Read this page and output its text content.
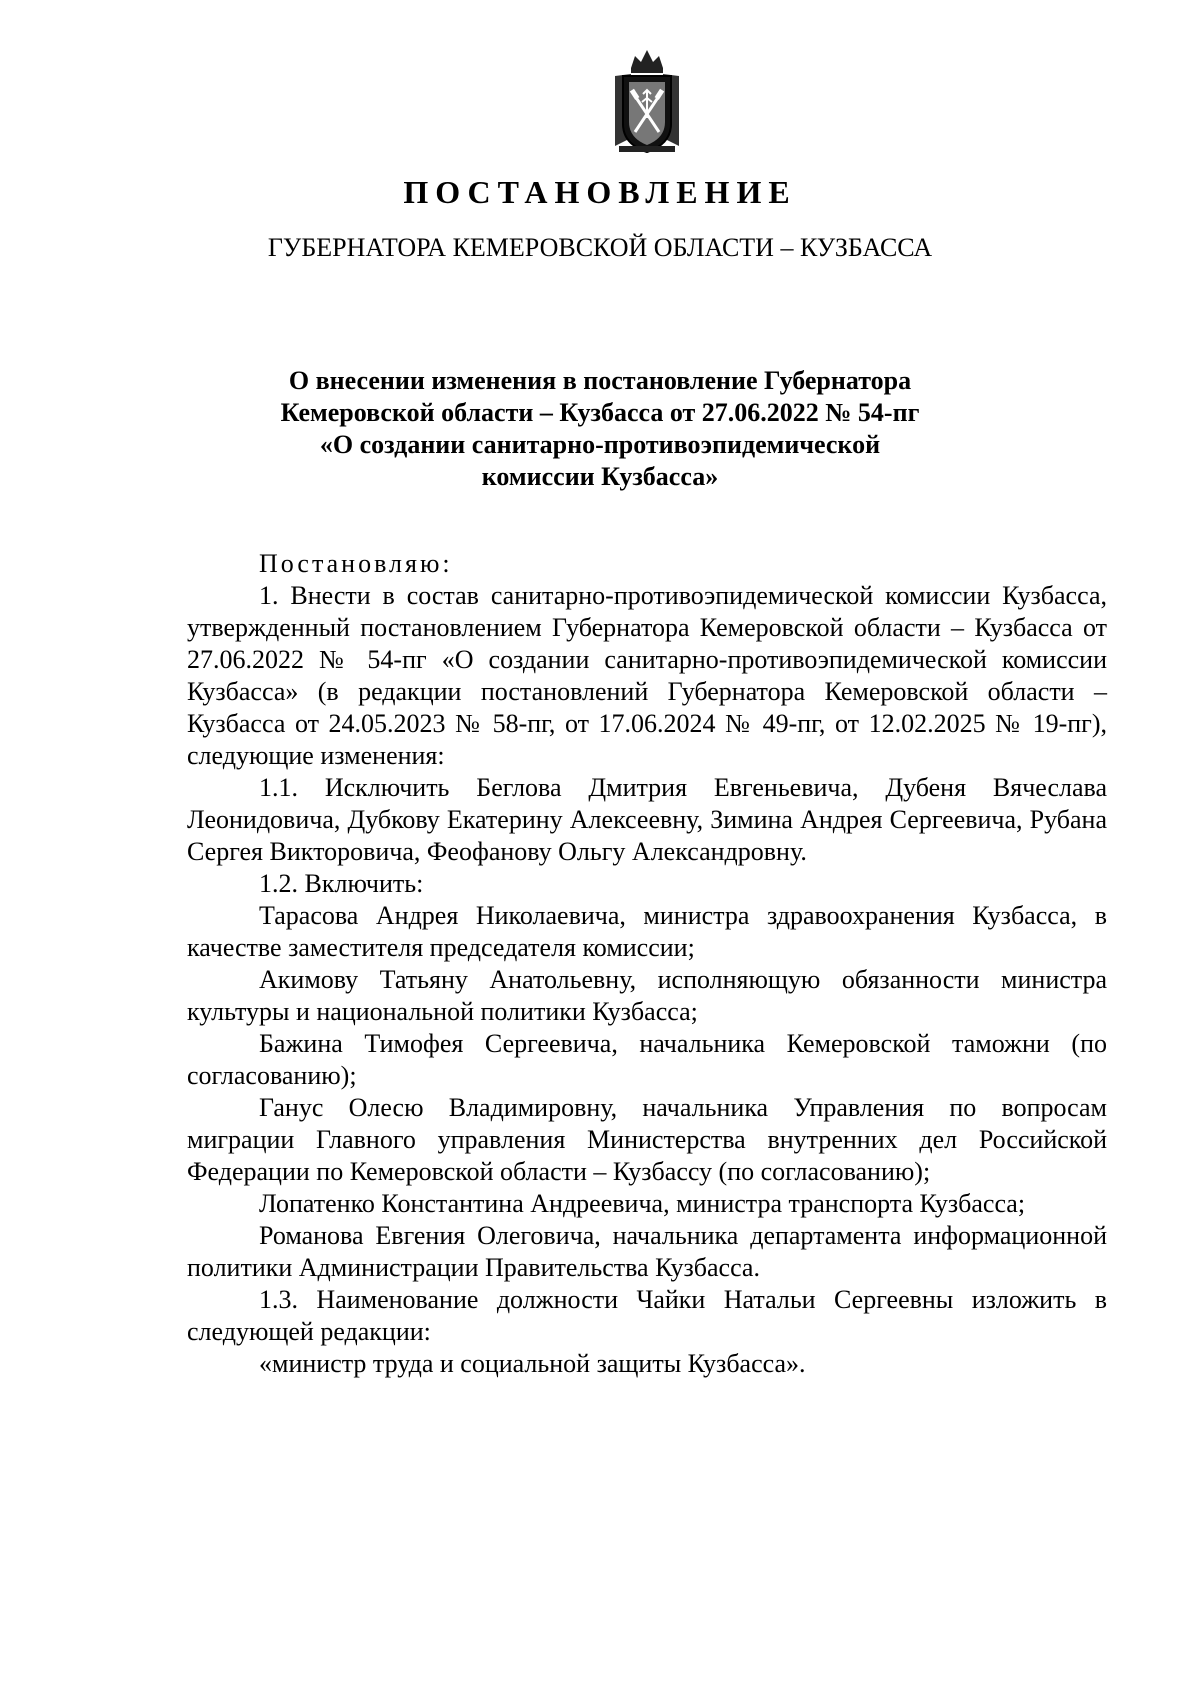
ПОСТАНОВЛЕНИЕ
ГУБЕРНАТОРА КЕМЕРОВСКОЙ ОБЛАСТИ – КУЗБАССА
О внесении изменения в постановление Губернатора
Кемеровской области – Кузбасса от 27.06.2022 № 54-пг
«О создании санитарно-противоэпидемической
комиссии Кузбасса»

Постановляю:

1. Внести в состав санитарно-противоэпидемической комиссии Кузбасса, утвержденный постановлением Губернатора Кемеровской области – Кузбасса от 27.06.2022 № 54-пг «О создании санитарно-противоэпидемической комиссии Кузбасса» (в редакции постановлений Губернатора Кемеровской области – Кузбасса от 24.05.2023 № 58-пг, от 17.06.2024 № 49-пг, от 12.02.2025 № 19-пг), следующие изменения:

1.1. Исключить Беглова Дмитрия Евгеньевича, Дубеня Вячеслава Леонидовича, Дубкову Екатерину Алексеевну, Зимина Андрея Сергеевича, Рубана Сергея Викторовича, Феофанову Ольгу Александровну.

1.2. Включить:

Тарасова Андрея Николаевича, министра здравоохранения Кузбасса, в качестве заместителя председателя комиссии;

Акимову Татьяну Анатольевну, исполняющую обязанности министра культуры и национальной политики Кузбасса;

Бажина Тимофея Сергеевича, начальника Кемеровской таможни (по согласованию);

Ганус Олесю Владимировну, начальника Управления по вопросам миграции Главного управления Министерства внутренних дел Российской Федерации по Кемеровской области – Кузбассу (по согласованию);

Лопатенко Константина Андреевича, министра транспорта Кузбасса;

Романова Евгения Олеговича, начальника департамента информационной политики Администрации Правительства Кузбасса.

1.3. Наименование должности Чайки Натальи Сергеевны изложить в следующей редакции:

«министр труда и социальной защиты Кузбасса».
